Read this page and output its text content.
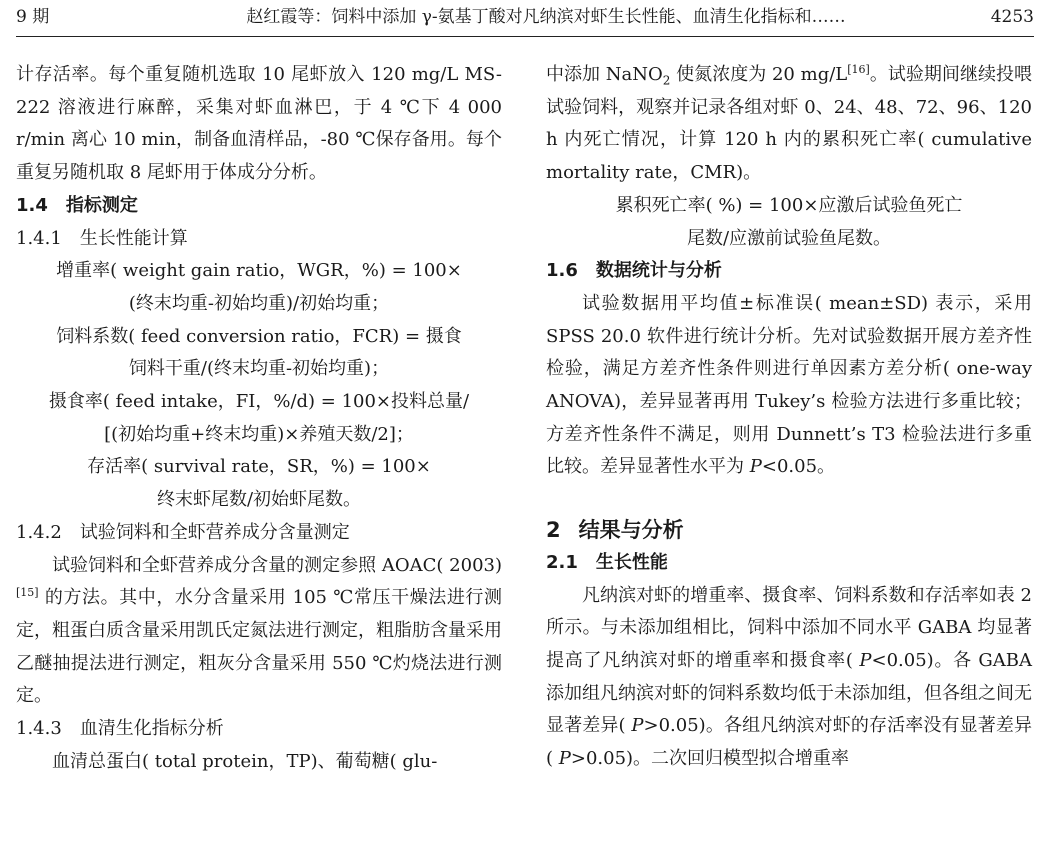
9 期	赵红霞等：饲料中添加 γ-氨基丁酸对凡纳滨对虾生长性能、血清生化指标和……	4253

计存活率。每个重复随机选取 10 尾虾放入 120 mg/L MS-222 溶液进行麻醉，采集对虾血淋巴，于 4 ℃下 4 000 r/min 离心 10 min，制备血清样品，-80 ℃保存备用。每个重复另随机取 8 尾虾用于体成分分析。

1.4 指标测定

1.4.1 生长性能计算

增重率( weight gain ratio，WGR，%) = 100×

(终末均重-初始均重)/初始均重；

饲料系数( feed conversion ratio，FCR) = 摄食

饲料干重/(终末均重-初始均重)；

摄食率( feed intake，FI，%/d) = 100×投料总量/

[(初始均重+终末均重)×养殖天数/2]；

存活率( survival rate，SR，%) = 100×

终末虾尾数/初始虾尾数。

1.4.2 试验饲料和全虾营养成分含量测定

试验饲料和全虾营养成分含量的测定参照 AOAC( 2003)[15] 的方法。其中，水分含量采用 105 ℃常压干燥法进行测定，粗蛋白质含量采用凯氏定氮法进行测定，粗脂肪含量采用乙醚抽提法进行测定，粗灰分含量采用 550 ℃灼烧法进行测定。

1.4.3 血清生化指标分析

血清总蛋白( total protein，TP)、葡萄糖( glu-

中添加 NaNO$_2$ 使氮浓度为 20 mg/L[16]。试验期间继续投喂试验饲料，观察并记录各组对虾 0、24、48、72、96、120 h 内死亡情况，计算 120 h 内的累积死亡率( cumulative mortality rate，CMR)。

累积死亡率( %) = 100×应激后试验鱼死亡

尾数/应激前试验鱼尾数。

1.6 数据统计与分析

试验数据用平均值±标准误( mean±SD) 表示，采用 SPSS 20.0 软件进行统计分析。先对试验数据开展方差齐性检验，满足方差齐性条件则进行单因素方差分析( one-way ANOVA)，差异显著再用 Tukey’s 检验方法进行多重比较；方差齐性条件不满足，则用 Dunnett’s T3 检验法进行多重比较。差异显著性水平为 P<0.05。

2 结果与分析

2.1 生长性能

凡纳滨对虾的增重率、摄食率、饲料系数和存活率如表 2 所示。与未添加组相比，饲料中添加不同水平 GABA 均显著提高了凡纳滨对虾的增重率和摄食率( P<0.05)。各 GABA 添加组凡纳滨对虾的饲料系数均低于未添加组，但各组之间无显著差异( P>0.05)。各组凡纳滨对虾的存活率没有显著差异( P>0.05)。二次回归模型拟合增重率
